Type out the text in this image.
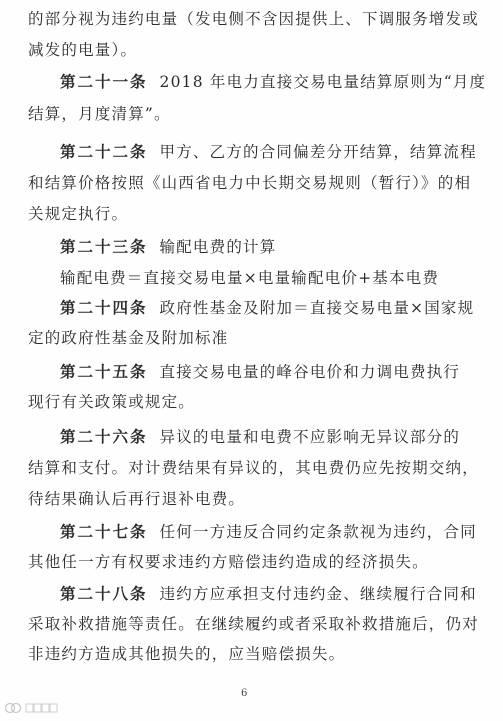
的部分视为违约电量（发电侧不含因提供上、下调服务增发或
减发的电量）。
第二十一条 2018 年电力直接交易电量结算原则为“月度
结算，月度清算”。
第二十二条 甲方、乙方的合同偏差分开结算，结算流程
和结算价格按照《山西省电力中长期交易规则（暂行）》的相
关规定执行。
第二十三条 输配电费的计算
输配电费＝直接交易电量×电量输配电价+基本电费
第二十四条 政府性基金及附加＝直接交易电量×国家规
定的政府性基金及附加标准
第二十五条 直接交易电量的峰谷电价和力调电费执行
现行有关政策或规定。
第二十六条 异议的电量和电费不应影响无异议部分的
结算和支付。对计费结果有异议的，其电费仍应先按期交纳，
待结果确认后再行退补电费。
第二十七条 任何一方违反合同约定条款视为违约，合同
其他任一方有权要求违约方赔偿违约造成的经济损失。
第二十八条 违约方应承担支付违约金、继续履行合同和
采取补救措施等责任。在继续履约或者采取补救措施后，仍对
非违约方造成其他损失的，应当赔偿损失。
6
